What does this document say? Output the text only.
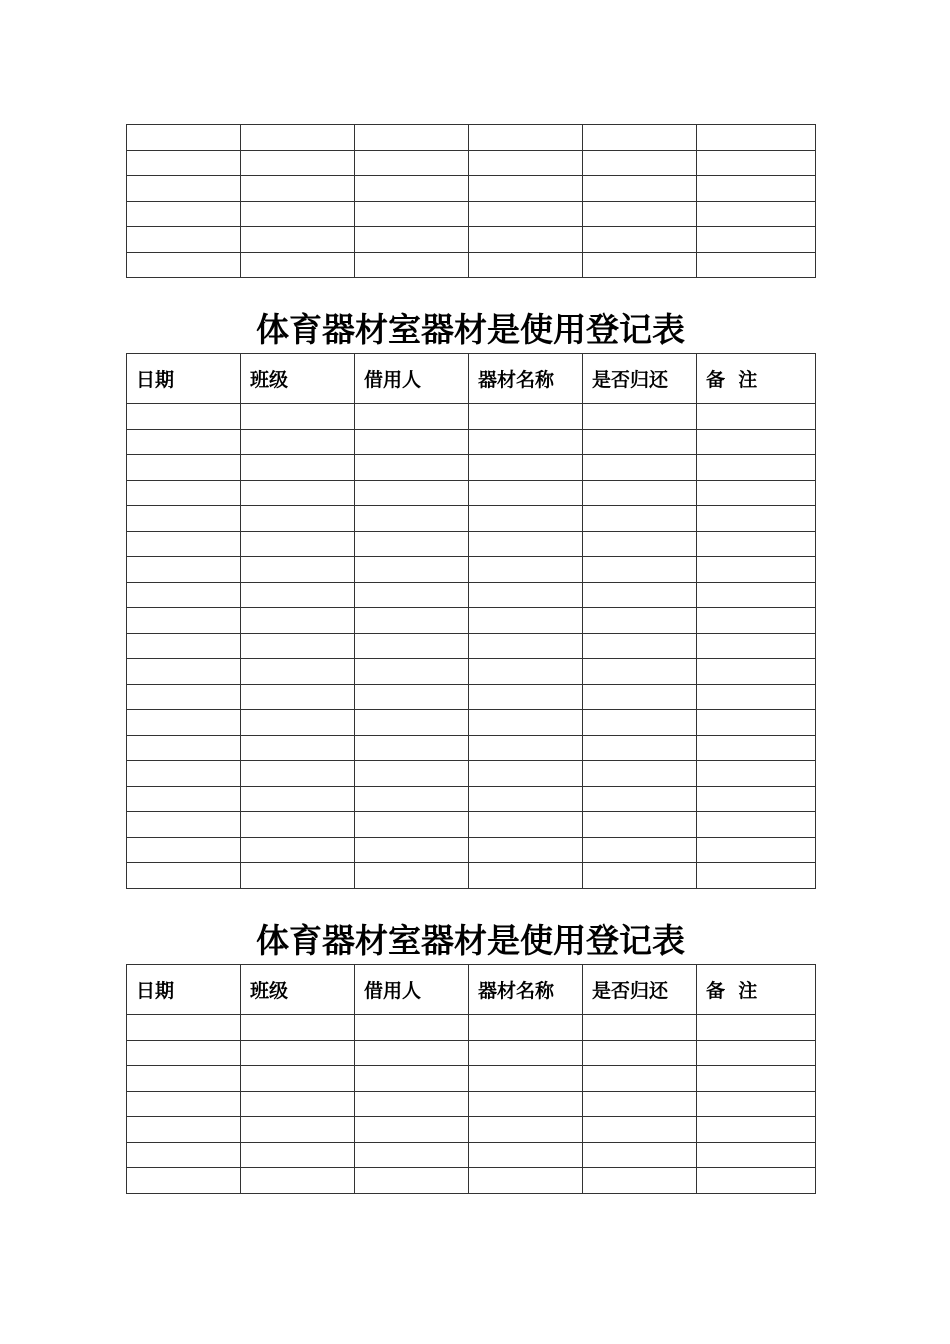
体育器材室器材是使用登记表
日期	班级	借用人	器材名称	是否归还	备  注

体育器材室器材是使用登记表
日期	班级	借用人	器材名称	是否归还	备  注
